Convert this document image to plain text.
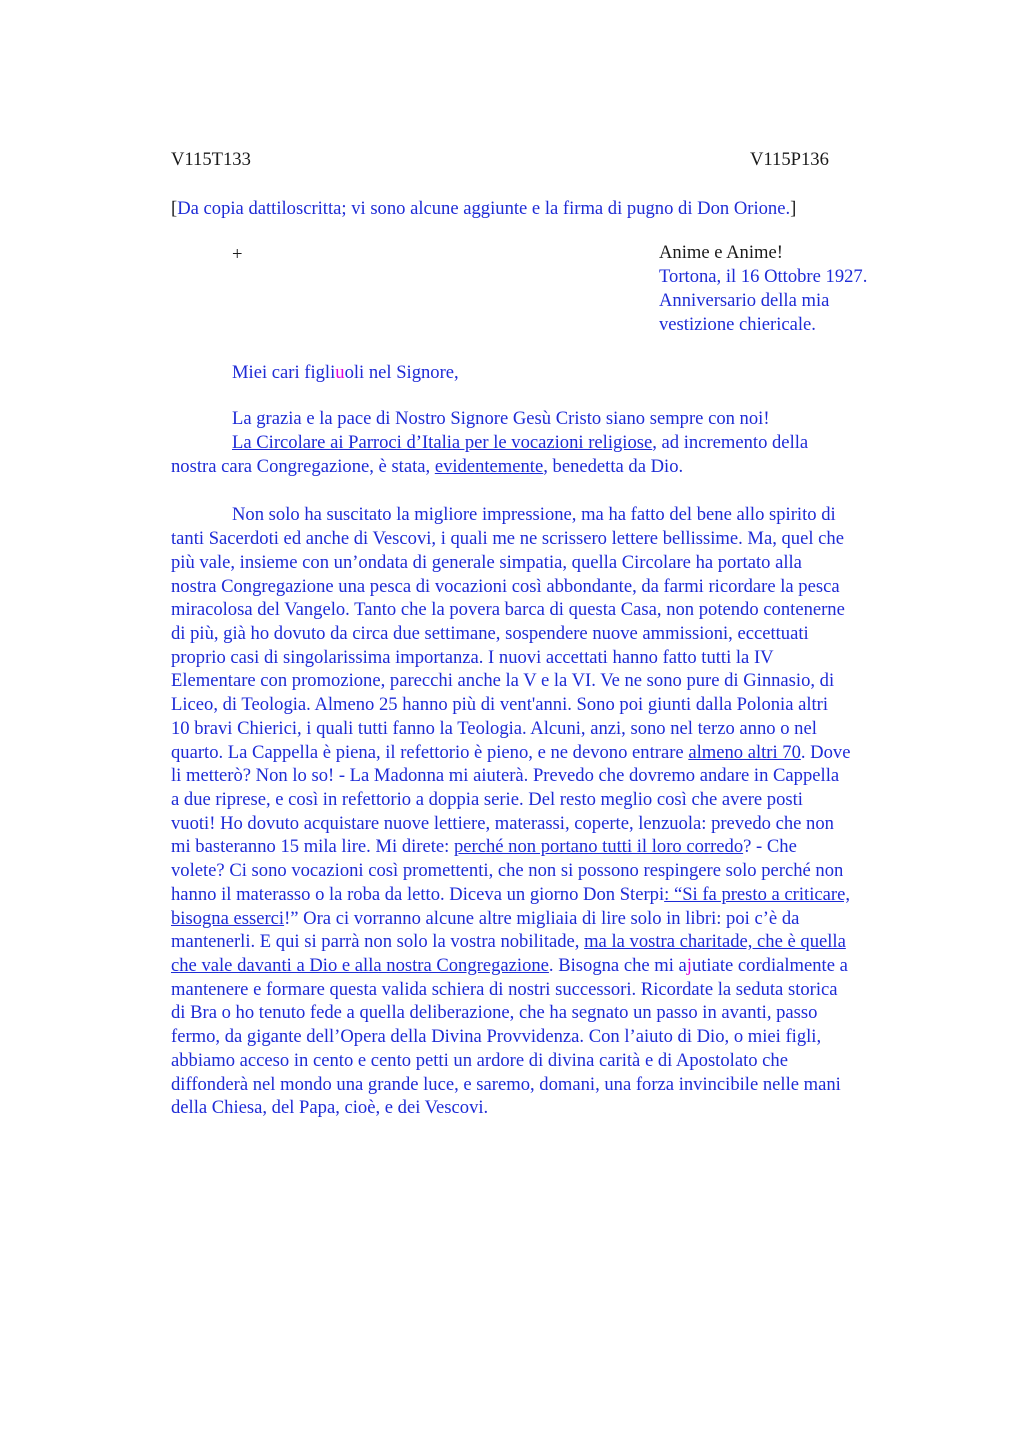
V115T133	V115P136
[Da copia dattiloscritta; vi sono alcune aggiunte e la firma di pugno di Don Orione.]
+	Anime e Anime!
Tortona, il 16 Ottobre 1927.
Anniversario della mia
vestizione chiericale.
Miei cari figliuoli nel Signore,
La grazia e la pace di Nostro Signore Gesù Cristo siano sempre con noi!
La Circolare ai Parroci d’Italia per le vocazioni religiose, ad incremento della
nostra cara Congregazione, è stata, evidentemente, benedetta da Dio.
Non solo ha suscitato la migliore impressione, ma ha fatto del bene allo spirito di
tanti Sacerdoti ed anche di Vescovi, i quali me ne scrissero lettere bellissime. Ma, quel che
più vale, insieme con un’ondata di generale simpatia, quella Circolare ha portato alla
nostra Congregazione una pesca di vocazioni così abbondante, da farmi ricordare la pesca
miracolosa del Vangelo. Tanto che la povera barca di questa Casa, non potendo contenerne
di più, già ho dovuto da circa due settimane, sospendere nuove ammissioni, eccettuati
proprio casi di singolarissima importanza. I nuovi accettati hanno fatto tutti la IV
Elementare con promozione, parecchi anche la V e la VI. Ve ne sono pure di Ginnasio, di
Liceo, di Teologia. Almeno 25 hanno più di vent'anni. Sono poi giunti dalla Polonia altri
10 bravi Chierici, i quali tutti fanno la Teologia. Alcuni, anzi, sono nel terzo anno o nel
quarto. La Cappella è piena, il refettorio è pieno, e ne devono entrare almeno altri 70. Dove
li metterò? Non lo so! - La Madonna mi aiuterà. Prevedo che dovremo andare in Cappella
a due riprese, e così in refettorio a doppia serie. Del resto meglio così che avere posti
vuoti! Ho dovuto acquistare nuove lettiere, materassi, coperte, lenzuola: prevedo che non
mi basteranno 15 mila lire. Mi direte: perché non portano tutti il loro corredo? - Che
volete? Ci sono vocazioni così promettenti, che non si possono respingere solo perché non
hanno il materasso o la roba da letto. Diceva un giorno Don Sterpi: “Si fa presto a criticare,
bisogna esserci!” Ora ci vorranno alcune altre migliaia di lire solo in libri: poi c’è da
mantenerli. E qui si parrà non solo la vostra nobilitade, ma la vostra charitade, che è quella
che vale davanti a Dio e alla nostra Congregazione. Bisogna che mi ajutiate cordialmente a
mantenere e formare questa valida schiera di nostri successori. Ricordate la seduta storica
di Bra o ho tenuto fede a quella deliberazione, che ha segnato un passo in avanti, passo
fermo, da gigante dell’Opera della Divina Provvidenza. Con l’aiuto di Dio, o miei figli,
abbiamo acceso in cento e cento petti un ardore di divina carità e di Apostolato che
diffonderà nel mondo una grande luce, e saremo, domani, una forza invincibile nelle mani
della Chiesa, del Papa, cioè, e dei Vescovi.
